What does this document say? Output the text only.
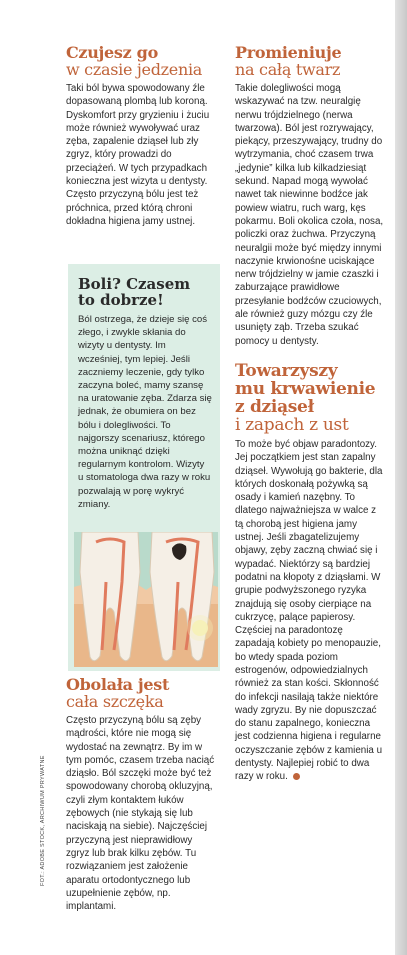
Czujesz go
w czasie jedzenia

Taki ból bywa spowodowany źle dopasowaną plombą lub koroną. Dyskomfort przy gryzieniu i żuciu może również wywoływać uraz zęba, zapalenie dziąseł lub zły zgryz, który prowadzi do przeciążeń. W tych przypadkach konieczna jest wizyta u dentysty. Często przyczyną bólu jest też próchnica, przed którą chroni dokładna higiena jamy ustnej.

Boli? Czasem
to dobrze!

Ból ostrzega, że dzieje się coś złego, i zwykle skłania do wizyty u dentysty. Im wcześniej, tym lepiej. Jeśli zaczniemy leczenie, gdy tylko zaczyna boleć, mamy szansę na uratowanie zęba. Zdarza się jednak, że obumiera on bez bólu i dolegliwości. To najgorszy scenariusz, którego można uniknąć dzięki regularnym kontrolom. Wizyty u stomatologa dwa razy w roku pozwalają w porę wykryć zmiany.

Obolała jest
cała szczęka

Często przyczyną bólu są zęby mądrości, które nie mogą się wydostać na zewnątrz. By im w tym pomóc, czasem trzeba naciąć dziąsło. Ból szczęki może być też spowodowany chorobą okluzyjną, czyli złym kontaktem łuków zębowych (nie stykają się lub naciskają na siebie). Najczęściej przyczyną jest nieprawidłowy zgryz lub brak kilku zębów. Tu rozwiązaniem jest założenie aparatu ortodontycznego lub uzupełnienie zębów, np. implantami.

Promieniuje
na całą twarz

Takie dolegliwości mogą wskazywać na tzw. neuralgię nerwu trójdzielnego (nerwa twarzowa). Ból jest rozrywający, piekący, przeszywający, trudny do wytrzymania, choć czasem trwa „jedynie” kilka lub kilkadziesiąt sekund. Napad mogą wywołać nawet tak niewinne bodźce jak powiew wiatru, ruch warg, kęs pokarmu. Boli okolica czoła, nosa, policzki oraz żuchwa. Przyczyną neuralgii może być między innymi naczynie krwionośne uciskające nerw trójdzielny w jamie czaszki i zaburzające prawidłowe przesyłanie bodźców czuciowych, ale również guzy mózgu czy źle usunięty ząb. Trzeba szukać pomocy u dentysty.

Towarzyszy
mu krwawienie
z dziąseł
i zapach z ust

To może być objaw paradontozy. Jej początkiem jest stan zapalny dziąseł. Wywołują go bakterie, dla których doskonałą pożywką są osady i kamień nazębny. To dlatego najważniejsza w walce z tą chorobą jest higiena jamy ustnej. Jeśli zbagatelizujemy objawy, zęby zaczną chwiać się i wypadać. Niektórzy są bardziej podatni na kłopoty z dziąsłami. W grupie podwyższonego ryzyka znajdują się osoby cierpiące na cukrzycę, palące papierosy. Częściej na paradontozę zapadają kobiety po menopauzie, bo wtedy spada poziom estrogenów, odpowiedzialnych również za stan kości. Skłonność do infekcji nasilają także niektóre wady zgryzu. By nie dopuszczać do stanu zapalnego, konieczna jest codzienna higiena i regularne oczyszczanie zębów z kamienia u dentysty. Najlepiej robić to dwa razy w roku.

FOT.: ADOBE STOCK, ARCHIWUM PRYWATNE
